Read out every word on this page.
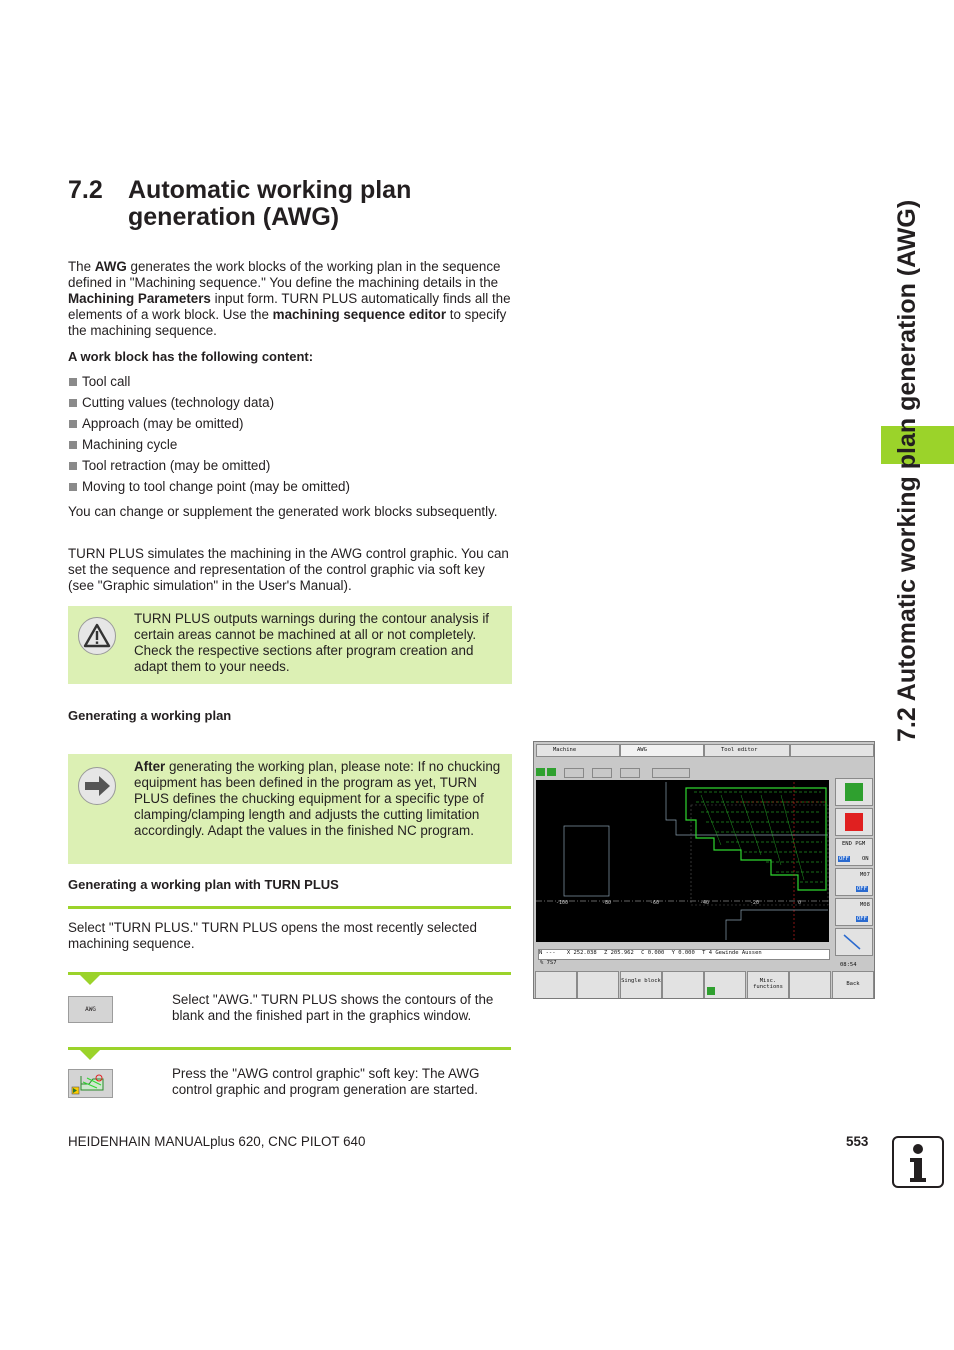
7.2 Automatic working plan generation (AWG)
7.2 Automatic working plan generation (AWG)
The AWG generates the work blocks of the working plan in the sequence defined in "Machining sequence." You define the machining details in the Machining Parameters input form. TURN PLUS automatically finds all the elements of a work block. Use the machining sequence editor to specify the machining sequence.
A work block has the following content:
Tool call
Cutting values (technology data)
Approach (may be omitted)
Machining cycle
Tool retraction (may be omitted)
Moving to tool change point (may be omitted)
You can change or supplement the generated work blocks subsequently.
TURN PLUS simulates the machining in the AWG control graphic. You can set the sequence and representation of the control graphic via soft key (see "Graphic simulation" in the User's Manual).
TURN PLUS outputs warnings during the contour analysis if certain areas cannot be machined at all or not completely. Check the respective sections after program creation and adapt them to your needs.
Generating a working plan
After generating the working plan, please note: If no chucking equipment has been defined in the program as yet, TURN PLUS defines the chucking equipment for a specific type of clamping/clamping length and adjusts the cutting limitation accordingly. Adapt the values in the finished NC program.
Generating a working plan with TURN PLUS
Select "TURN PLUS." TURN PLUS opens the most recently selected machining sequence.
AWG
Select "AWG." TURN PLUS shows the contours of the blank and the finished part in the graphics window.
Press the "AWG control graphic" soft key: The AWG control graphic and program generation are started.
Machine	AWG	Tool editor
-100	-80	-60	-40	-20	0
N --- X 252.038 Z 205.962 C 0.000 Y 0.000 T 4 Gewinde Aussen
% 7S7
END PGM
OFF ON
M07
OFF
M08
OFF
08:54
Single block	Misc. functions	Back
HEIDENHAIN MANUALplus 620, CNC PILOT 640	553
